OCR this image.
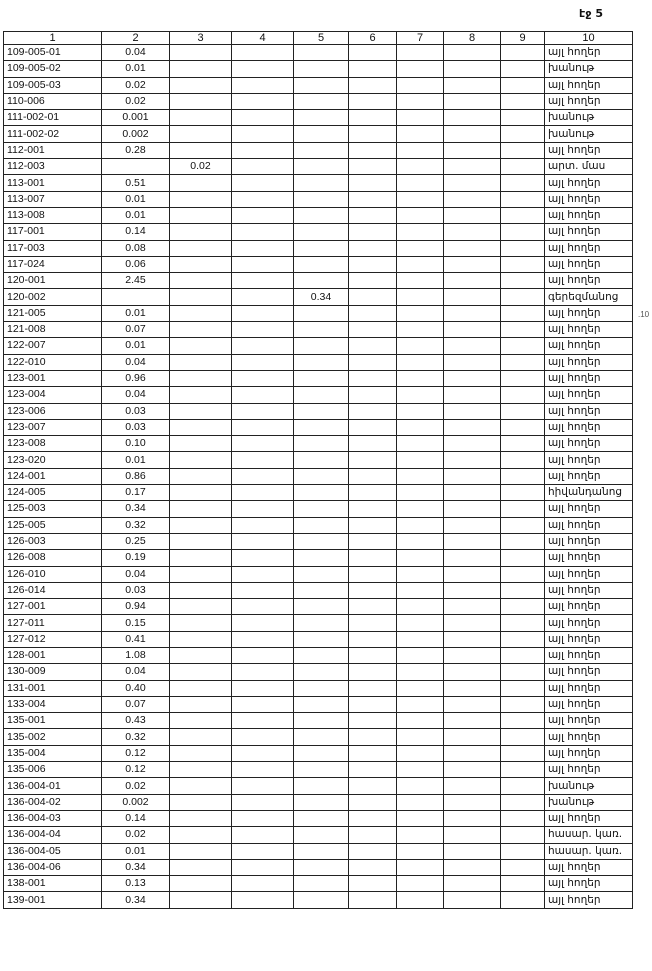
էջ 5
.10
1	2	3	4	5	6	7	8	9	10
109-005-01	0.04								այլ հողեր
109-005-02	0.01								խանութ
109-005-03	0.02								այլ հողեր
110-006	0.02								այլ հողեր
111-002-01	0.001								խանութ
111-002-02	0.002								խանութ
112-001	0.28								այլ հողեր
112-003		0.02							արտ. մաս
113-001	0.51								այլ հողեր
113-007	0.01								այլ հողեր
113-008	0.01								այլ հողեր
117-001	0.14								այլ հողեր
117-003	0.08								այլ հողեր
117-024	0.06								այլ հողեր
120-001	2.45								այլ հողեր
120-002				0.34					գերեզմանոց
121-005	0.01								այլ հողեր
121-008	0.07								այլ հողեր
122-007	0.01								այլ հողեր
122-010	0.04								այլ հողեր
123-001	0.96								այլ հողեր
123-004	0.04								այլ հողեր
123-006	0.03								այլ հողեր
123-007	0.03								այլ հողեր
123-008	0.10								այլ հողեր
123-020	0.01								այլ հողեր
124-001	0.86								այլ հողեր
124-005	0.17								հիվանդանոց
125-003	0.34								այլ հողեր
125-005	0.32								այլ հողեր
126-003	0.25								այլ հողեր
126-008	0.19								այլ հողեր
126-010	0.04								այլ հողեր
126-014	0.03								այլ հողեր
127-001	0.94								այլ հողեր
127-011	0.15								այլ հողեր
127-012	0.41								այլ հողեր
128-001	1.08								այլ հողեր
130-009	0.04								այլ հողեր
131-001	0.40								այլ հողեր
133-004	0.07								այլ հողեր
135-001	0.43								այլ հողեր
135-002	0.32								այլ հողեր
135-004	0.12								այլ հողեր
135-006	0.12								այլ հողեր
136-004-01	0.02								խանութ
136-004-02	0.002								խանութ
136-004-03	0.14								այլ հողեր
136-004-04	0.02								հասար. կառ.
136-004-05	0.01								հասար. կառ.
136-004-06	0.34								այլ հողեր
138-001	0.13								այլ հողեր
139-001	0.34								այլ հողեր
